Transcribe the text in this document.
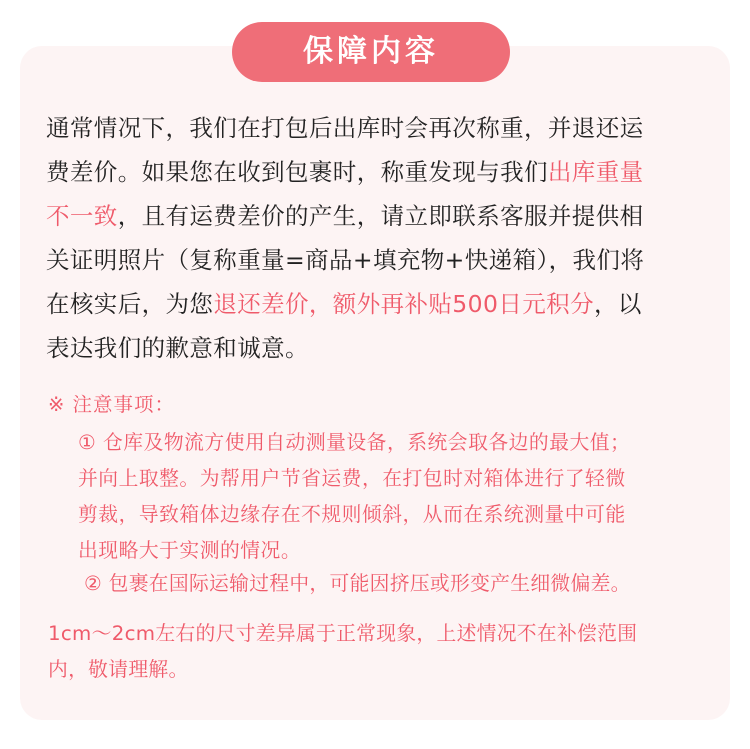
保障内容
通常情况下，我们在打包后出库时会再次称重，并退还运
费差价。如果您在收到包裹时，称重发现与我们出库重量
不一致，且有运费差价的产生，请立即联系客服并提供相
关证明照片（复称重量=商品+填充物+快递箱），我们将
在核实后，为您退还差价，额外再补贴500日元积分，以
表达我们的歉意和诚意。
※ 注意事项：
① 仓库及物流方使用自动测量设备，系统会取各边的最大值；
并向上取整。为帮用户节省运费，在打包时对箱体进行了轻微
剪裁，导致箱体边缘存在不规则倾斜，从而在系统测量中可能
出现略大于实测的情况。
② 包裹在国际运输过程中，可能因挤压或形变产生细微偏差。
1cm～2cm左右的尺寸差异属于正常现象，上述情况不在补偿范围
内，敬请理解。
